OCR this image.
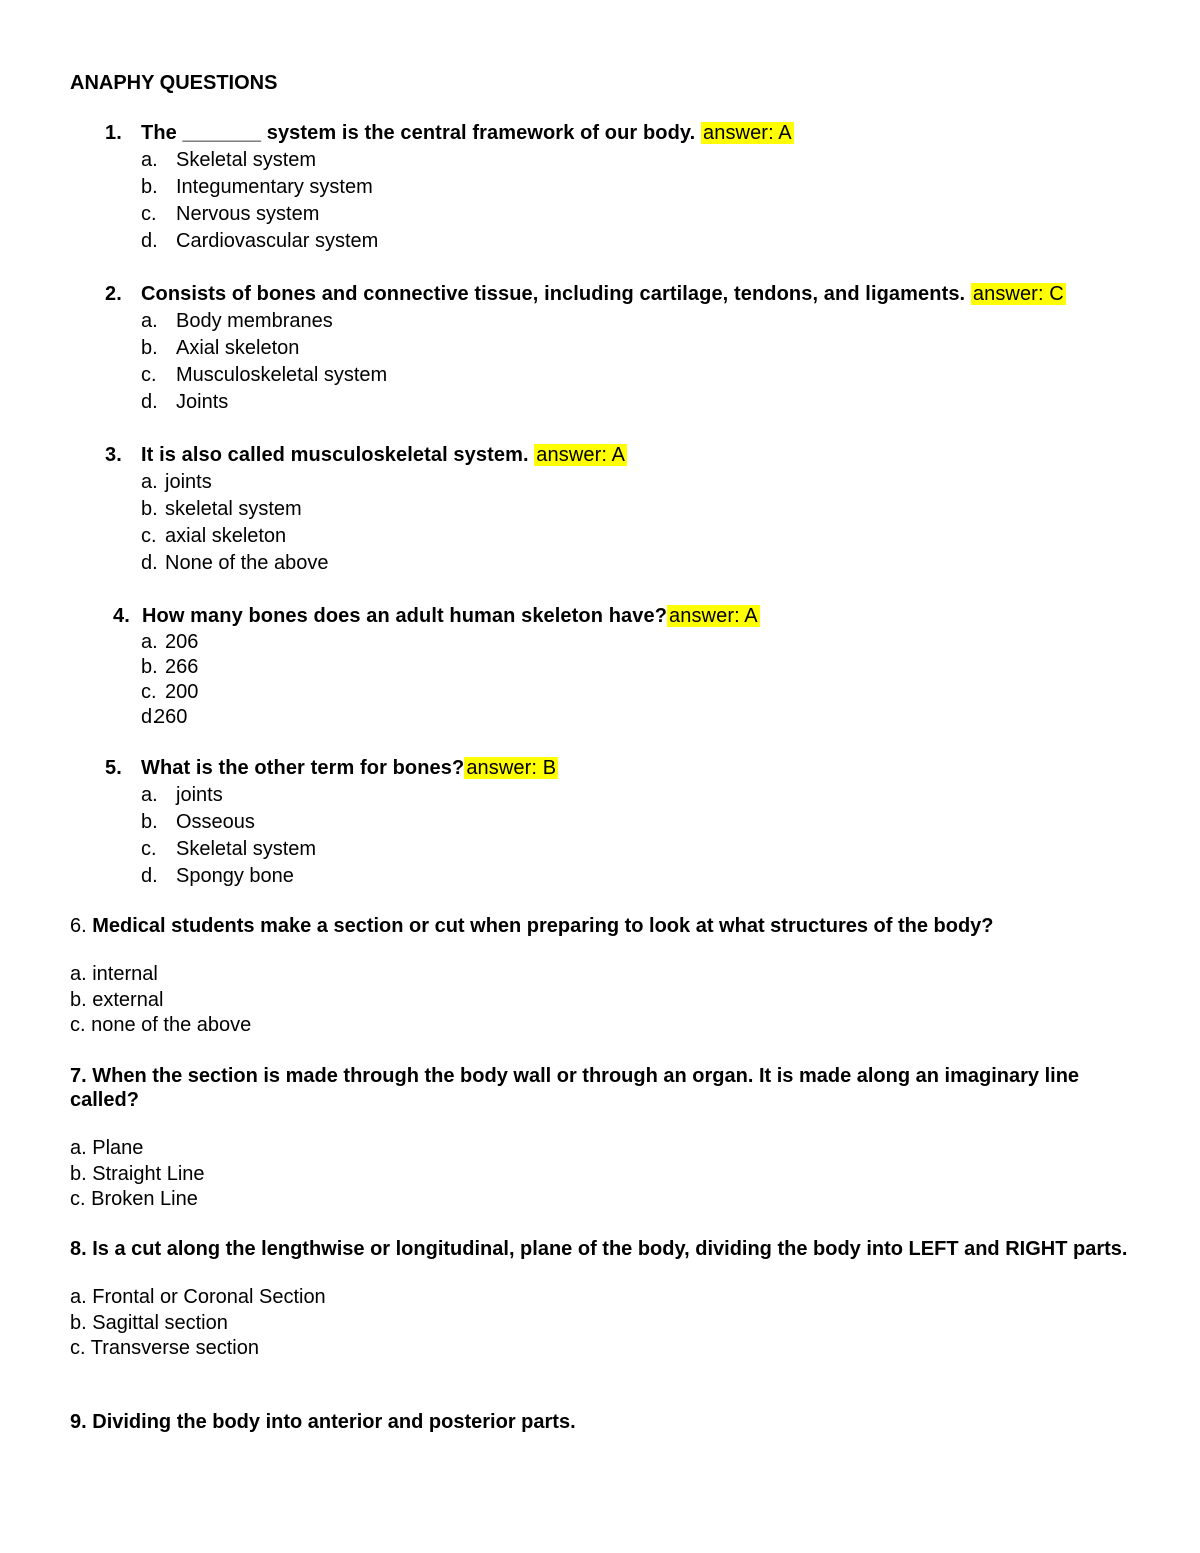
ANAPHY QUESTIONS
1. The _______ system is the central framework of our body. answer: A
a. Skeletal system
b. Integumentary system
c. Nervous system
d. Cardiovascular system
2. Consists of bones and connective tissue, including cartilage, tendons, and ligaments. answer: C
a. Body membranes
b. Axial skeleton
c. Musculoskeletal system
d. Joints
3. It is also called musculoskeletal system. answer: A
a. joints
b. skeletal system
c. axial skeleton
d. None of the above
4. How many bones does an adult human skeleton have? answer: A
a. 206
b. 266
c. 200
d.
260
5. What is the other term for bones? answer: B
a. joints
b. Osseous
c. Skeletal system
d. Spongy bone
6. Medical students make a section or cut when preparing to look at what structures of the body?
a. internal
b. external
c. none of the above
7. When the section is made through the body wall or through an organ. It is made along an imaginary line called?
a. Plane
b. Straight Line
c. Broken Line
8. Is a cut along the lengthwise or longitudinal, plane of the body, dividing the body into LEFT and RIGHT parts.
a. Frontal or Coronal Section
b. Sagittal section
c. Transverse section
9. Dividing the body into anterior and posterior parts.
